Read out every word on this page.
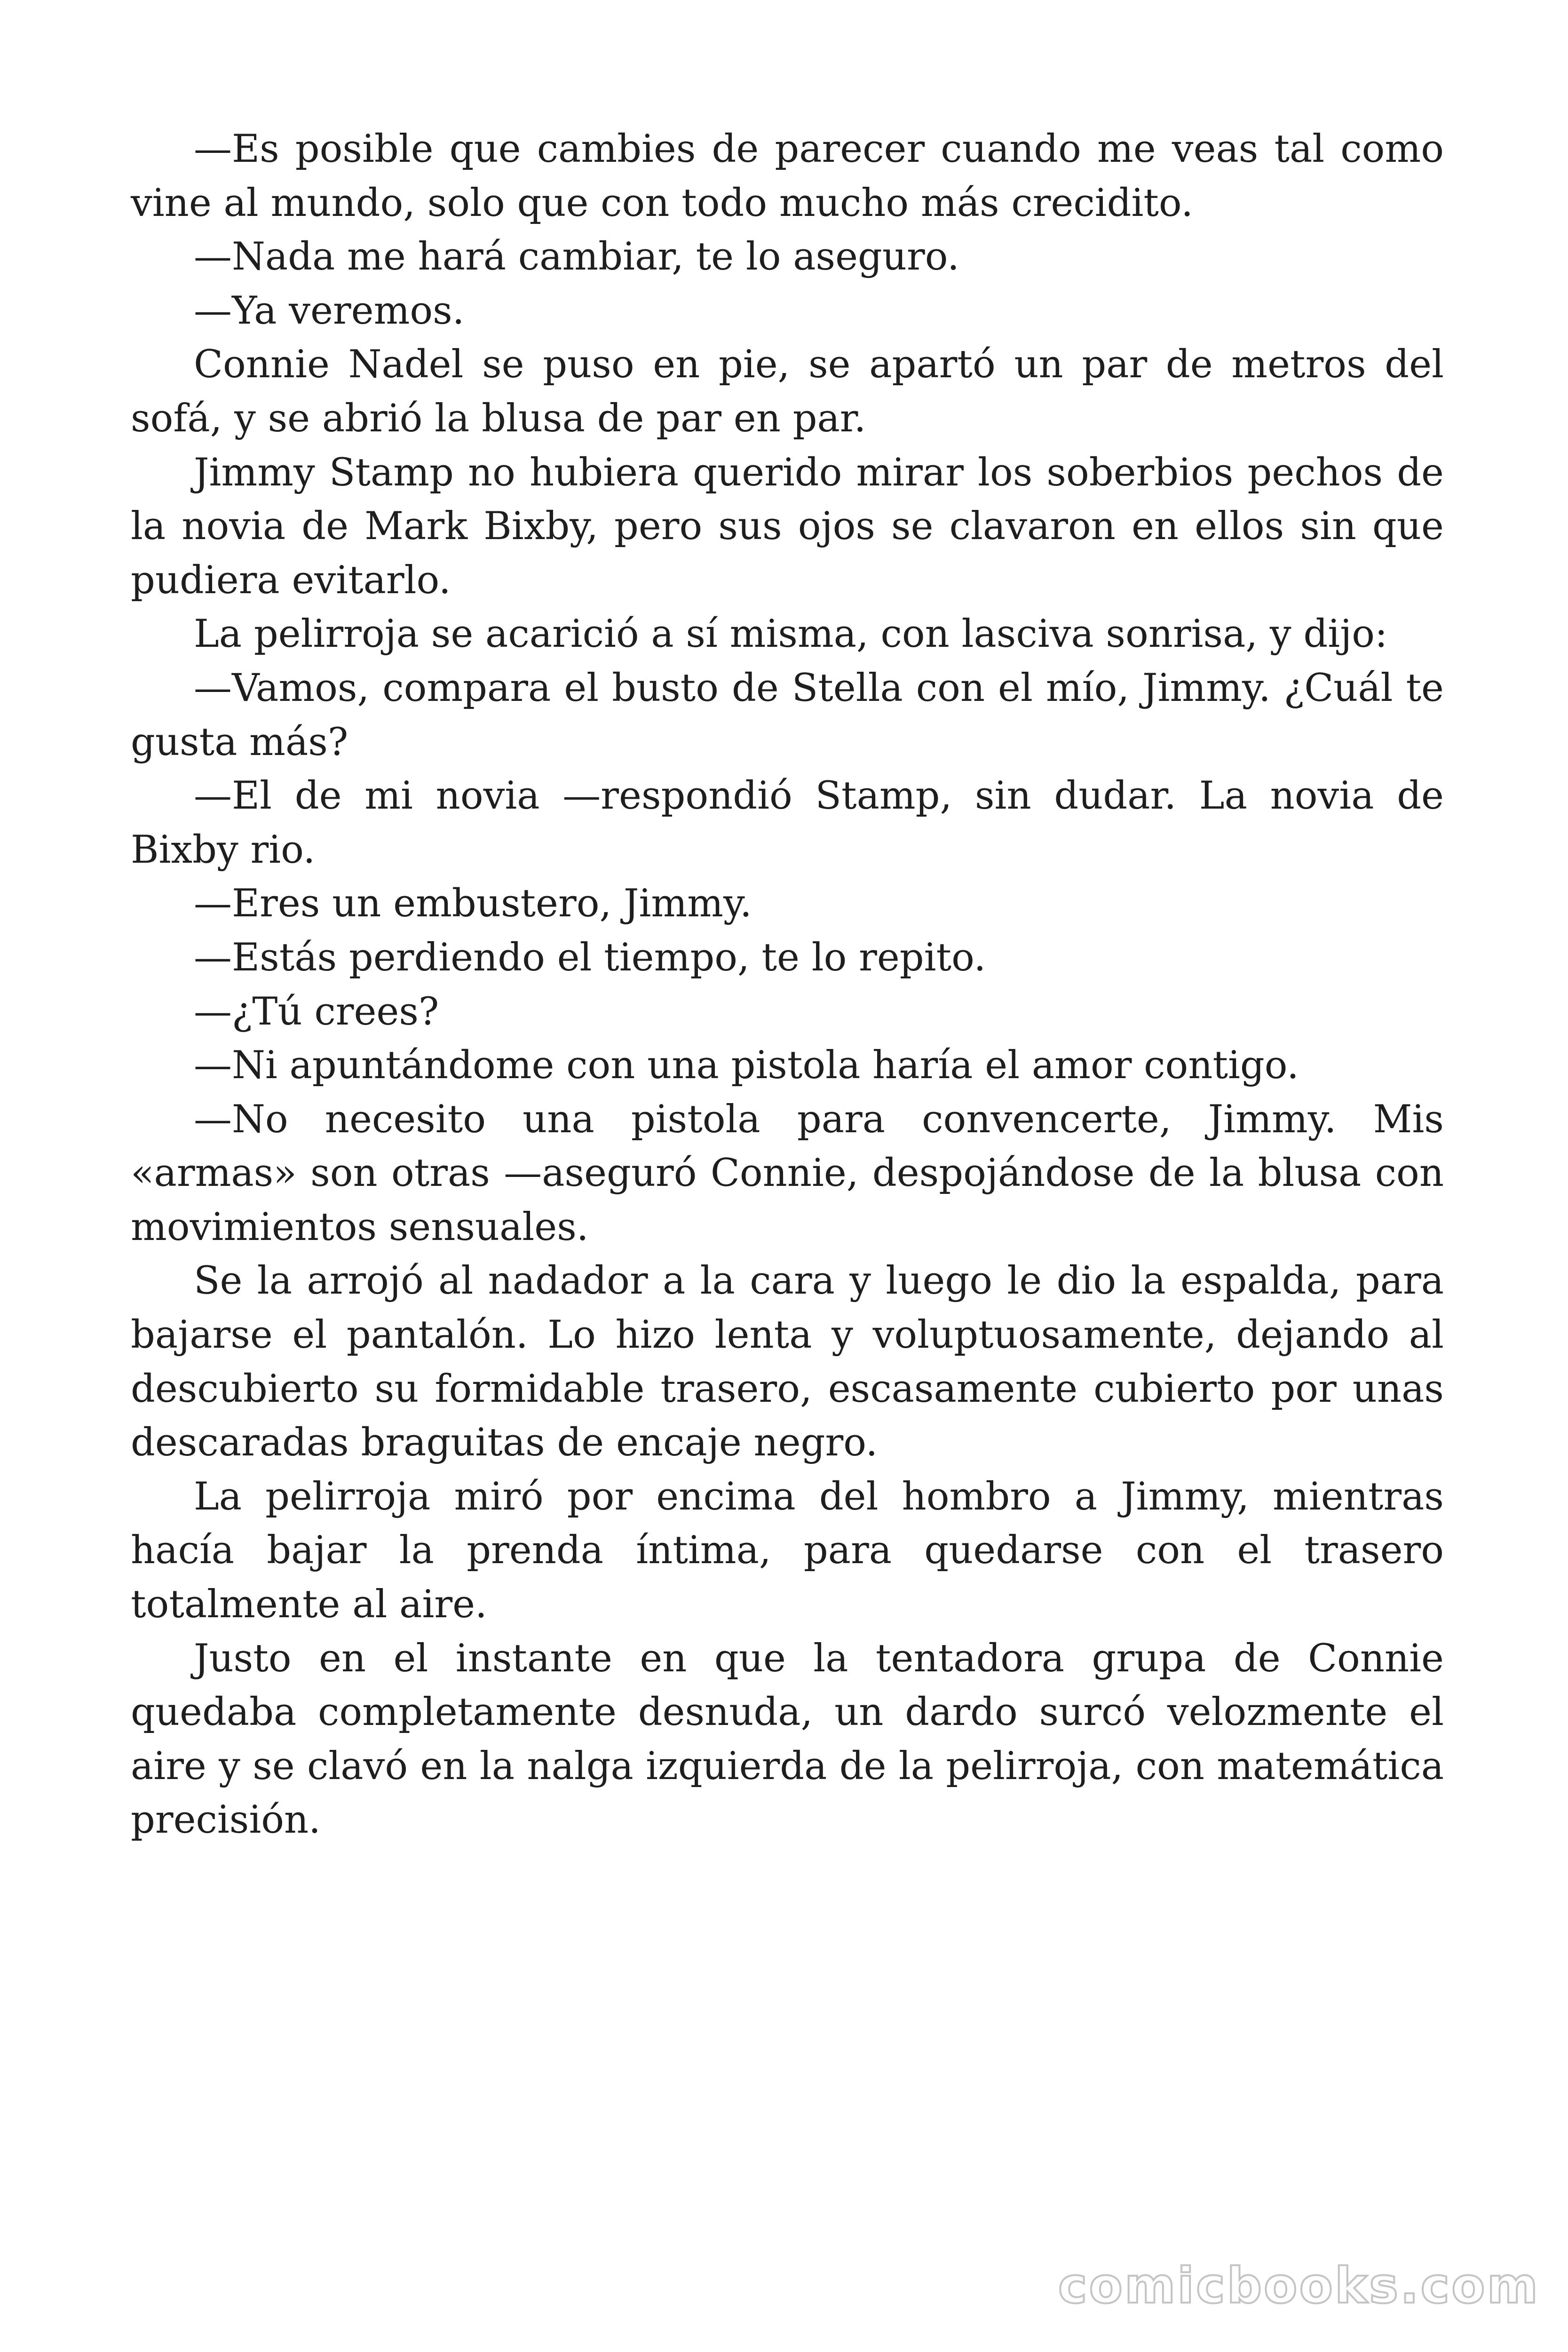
—Es posible que cambies de parecer cuando me veas tal como vine al mundo, solo que con todo mucho más crecidito.

—Nada me hará cambiar, te lo aseguro.

—Ya veremos.

Connie Nadel se puso en pie, se apartó un par de metros del sofá, y se abrió la blusa de par en par.

Jimmy Stamp no hubiera querido mirar los soberbios pechos de la novia de Mark Bixby, pero sus ojos se clavaron en ellos sin que pudiera evitarlo.

La pelirroja se acarició a sí misma, con lasciva sonrisa, y dijo:

—Vamos, compara el busto de Stella con el mío, Jimmy. ¿Cuál te gusta más?

—El de mi novia —respondió Stamp, sin dudar. La novia de Bixby rio.

—Eres un embustero, Jimmy.

—Estás perdiendo el tiempo, te lo repito.

—¿Tú crees?

—Ni apuntándome con una pistola haría el amor contigo.

—No necesito una pistola para convencerte, Jimmy. Mis «armas» son otras —aseguró Connie, despojándose de la blusa con movimientos sensuales.

Se la arrojó al nadador a la cara y luego le dio la espalda, para bajarse el pantalón. Lo hizo lenta y voluptuosamente, dejando al descubierto su formidable trasero, escasamente cubierto por unas descaradas braguitas de encaje negro.

La pelirroja miró por encima del hombro a Jimmy, mientras hacía bajar la prenda íntima, para quedarse con el trasero totalmente al aire.

Justo en el instante en que la tentadora grupa de Connie quedaba completamente desnuda, un dardo surcó velozmente el aire y se clavó en la nalga izquierda de la pelirroja, con matemática precisión.

comicbooks.com
